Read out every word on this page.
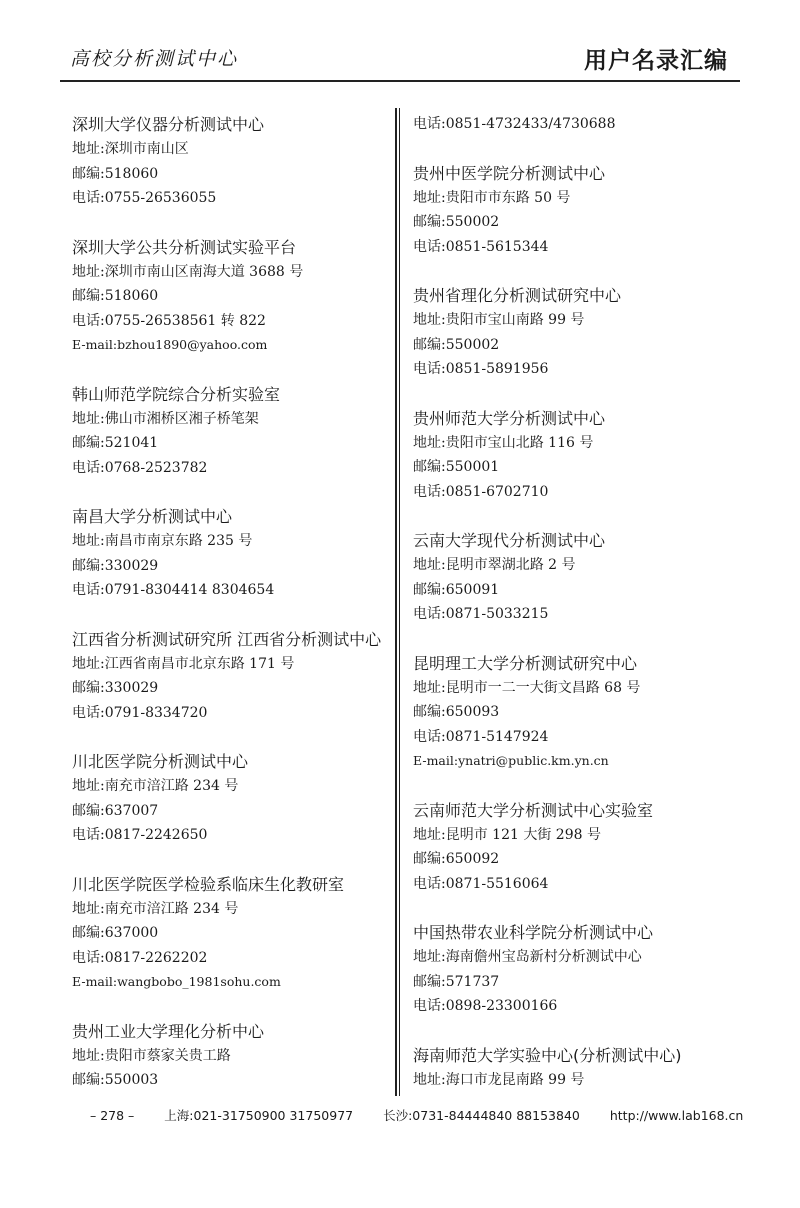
高校分析测试中心	用户名录汇编
深圳大学仪器分析测试中心
地址:深圳市南山区
邮编:518060
电话:0755-26536055
深圳大学公共分析测试实验平台
地址:深圳市南山区南海大道 3688 号
邮编:518060
电话:0755-26538561 转 822
E-mail:bzhou1890@yahoo.com
韩山师范学院综合分析实验室
地址:佛山市湘桥区湘子桥笔架
邮编:521041
电话:0768-2523782
南昌大学分析测试中心
地址:南昌市南京东路 235 号
邮编:330029
电话:0791-8304414 8304654
江西省分析测试研究所 江西省分析测试中心
地址:江西省南昌市北京东路 171 号
邮编:330029
电话:0791-8334720
川北医学院分析测试中心
地址:南充市涪江路 234 号
邮编:637007
电话:0817-2242650
川北医学院医学检验系临床生化教研室
地址:南充市涪江路 234 号
邮编:637000
电话:0817-2262202
E-mail:wangbobo_1981sohu.com
贵州工业大学理化分析中心
地址:贵阳市蔡家关贵工路
邮编:550003
电话:0851-4732433/4730688
贵州中医学院分析测试中心
地址:贵阳市市东路 50 号
邮编:550002
电话:0851-5615344
贵州省理化分析测试研究中心
地址:贵阳市宝山南路 99 号
邮编:550002
电话:0851-5891956
贵州师范大学分析测试中心
地址:贵阳市宝山北路 116 号
邮编:550001
电话:0851-6702710
云南大学现代分析测试中心
地址:昆明市翠湖北路 2 号
邮编:650091
电话:0871-5033215
昆明理工大学分析测试研究中心
地址:昆明市一二一大街文昌路 68 号
邮编:650093
电话:0871-5147924
E-mail:ynatri@public.km.yn.cn
云南师范大学分析测试中心实验室
地址:昆明市 121 大街 298 号
邮编:650092
电话:0871-5516064
中国热带农业科学院分析测试中心
地址:海南儋州宝岛新村分析测试中心
邮编:571737
电话:0898-23300166
海南师范大学实验中心(分析测试中心)
地址:海口市龙昆南路 99 号
– 278 – 上海:021-31750900 31750977 长沙:0731-84444840 88153840 http://www.lab168.cn
